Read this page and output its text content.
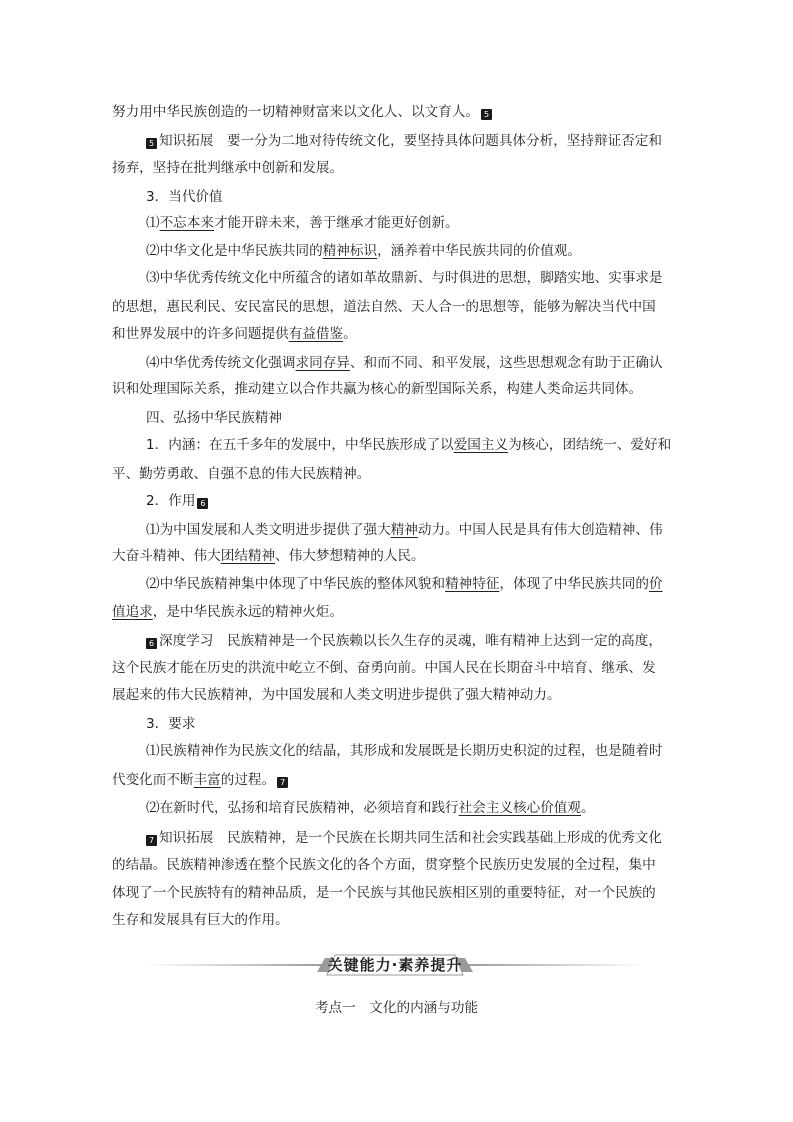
努力用中华民族创造的一切精神财富来以文化人、以文育人。 5
5 知识拓展　要一分为二地对待传统文化，要坚持具体问题具体分析，坚持辩证否定和
扬弃，坚持在批判继承中创新和发展。
3．当代价值
⑴不忘本来才能开辟未来，善于继承才能更好创新。
⑵中华文化是中华民族共同的精神标识，涵养着中华民族共同的价值观。
⑶中华优秀传统文化中所蕴含的诸如革故鼎新、与时俱进的思想，脚踏实地、实事求是
的思想，惠民利民、安民富民的思想，道法自然、天人合一的思想等，能够为解决当代中国
和世界发展中的许多问题提供有益借鉴。
⑷中华优秀传统文化强调求同存异、和而不同、和平发展，这些思想观念有助于正确认
识和处理国际关系，推动建立以合作共赢为核心的新型国际关系，构建人类命运共同体。
四、弘扬中华民族精神
1．内涵：在五千多年的发展中，中华民族形成了以爱国主义为核心，团结统一、爱好和
平、勤劳勇敢、自强不息的伟大民族精神。
2．作用 6
⑴为中国发展和人类文明进步提供了强大精神动力。中国人民是具有伟大创造精神、伟
大奋斗精神、伟大团结精神、伟大梦想精神的人民。
⑵中华民族精神集中体现了中华民族的整体风貌和精神特征，体现了中华民族共同的价
值追求，是中华民族永远的精神火炬。
6 深度学习　民族精神是一个民族赖以长久生存的灵魂，唯有精神上达到一定的高度，
这个民族才能在历史的洪流中屹立不倒、奋勇向前。中国人民在长期奋斗中培育、继承、发
展起来的伟大民族精神，为中国发展和人类文明进步提供了强大精神动力。
3．要求
⑴民族精神作为民族文化的结晶，其形成和发展既是长期历史积淀的过程，也是随着时
代变化而不断丰富的过程。 7
⑵在新时代，弘扬和培育民族精神，必须培育和践行社会主义核心价值观。
7 知识拓展　民族精神，是一个民族在长期共同生活和社会实践基础上形成的优秀文化
的结晶。民族精神渗透在整个民族文化的各个方面，贯穿整个民族历史发展的全过程，集中
体现了一个民族特有的精神品质，是一个民族与其他民族相区别的重要特征，对一个民族的
生存和发展具有巨大的作用。
关键能力·素养提升
考点一　文化的内涵与功能
